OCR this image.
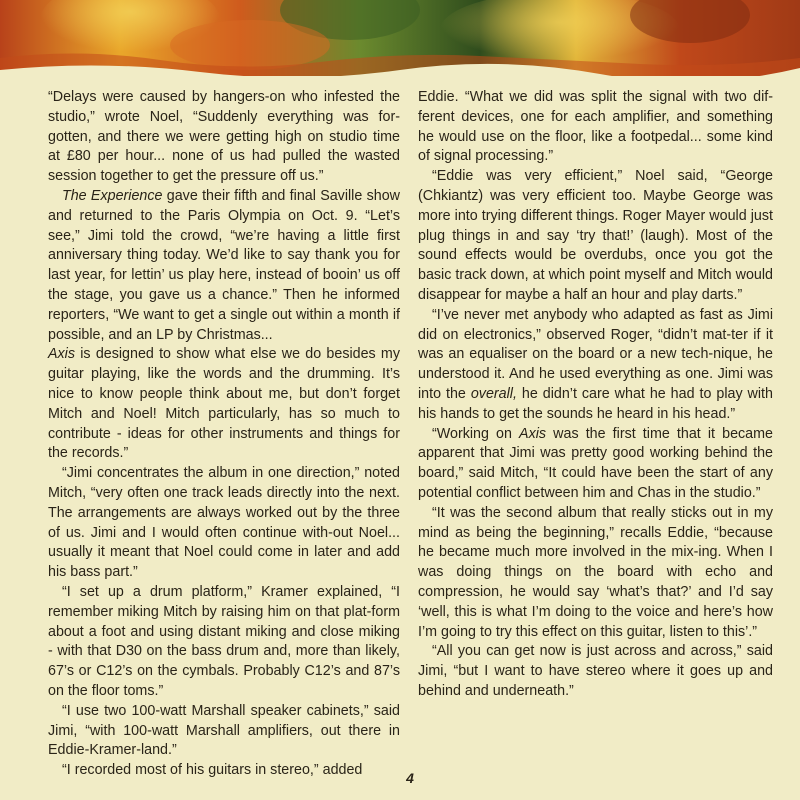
“Delays were caused by hangers-on who infested the studio,” wrote Noel, “Suddenly everything was for-gotten, and there we were getting high on studio time at £80 per hour... none of us had pulled the wasted session together to get the pressure off us.”

The Experience gave their fifth and final Saville show and returned to the Paris Olympia on Oct. 9. “Let’s see,” Jimi told the crowd, “we’re having a little first anniversary thing today. We’d like to say thank you for last year, for lettin’ us play here, instead of booin’ us off the stage, you gave us a chance.” Then he informed reporters, “We want to get a single out within a month if possible, and an LP by Christmas...
Axis is designed to show what else we do besides my guitar playing, like the words and the drumming. It’s nice to know people think about me, but don’t forget Mitch and Noel! Mitch particularly, has so much to contribute - ideas for other instruments and things for the records.”

“Jimi concentrates the album in one direction,” noted Mitch, “very often one track leads directly into the next. The arrangements are always worked out by the three of us. Jimi and I would often continue with-out Noel... usually it meant that Noel could come in later and add his bass part.”

“I set up a drum platform,” Kramer explained, “I remember miking Mitch by raising him on that plat-form about a foot and using distant miking and close miking - with that D30 on the bass drum and, more than likely, 67’s or C12’s on the cymbals. Probably C12’s and 87’s on the floor toms.”

“I use two 100-watt Marshall speaker cabinets,” said Jimi, “with 100-watt Marshall amplifiers, out there in Eddie-Kramer-land.”

“I recorded most of his guitars in stereo,” added

Eddie. “What we did was split the signal with two dif-ferent devices, one for each amplifier, and something he would use on the floor, like a footpedal... some kind of signal processing.”

“Eddie was very efficient,” Noel said, “George (Chkiantz) was very efficient too. Maybe George was more into trying different things. Roger Mayer would just plug things in and say ‘try that!’ (laugh). Most of the sound effects would be overdubs, once you got the basic track down, at which point myself and Mitch would disappear for maybe a half an hour and play darts.”

“I’ve never met anybody who adapted as fast as Jimi did on electronics,” observed Roger, “didn’t mat-ter if it was an equaliser on the board or a new tech-nique, he understood it. And he used everything as one. Jimi was into the overall, he didn’t care what he had to play with his hands to get the sounds he heard in his head.”

“Working on Axis was the first time that it became apparent that Jimi was pretty good working behind the board,” said Mitch, “It could have been the start of any potential conflict between him and Chas in the studio.”

“It was the second album that really sticks out in my mind as being the beginning,” recalls Eddie, “because he became much more involved in the mix-ing. When I was doing things on the board with echo and compression, he would say ‘what’s that?’ and I’d say ‘well, this is what I’m doing to the voice and here’s how I’m going to try this effect on this guitar, listen to this’.”

“All you can get now is just across and across,” said Jimi, “but I want to have stereo where it goes up and behind and underneath.”

4
